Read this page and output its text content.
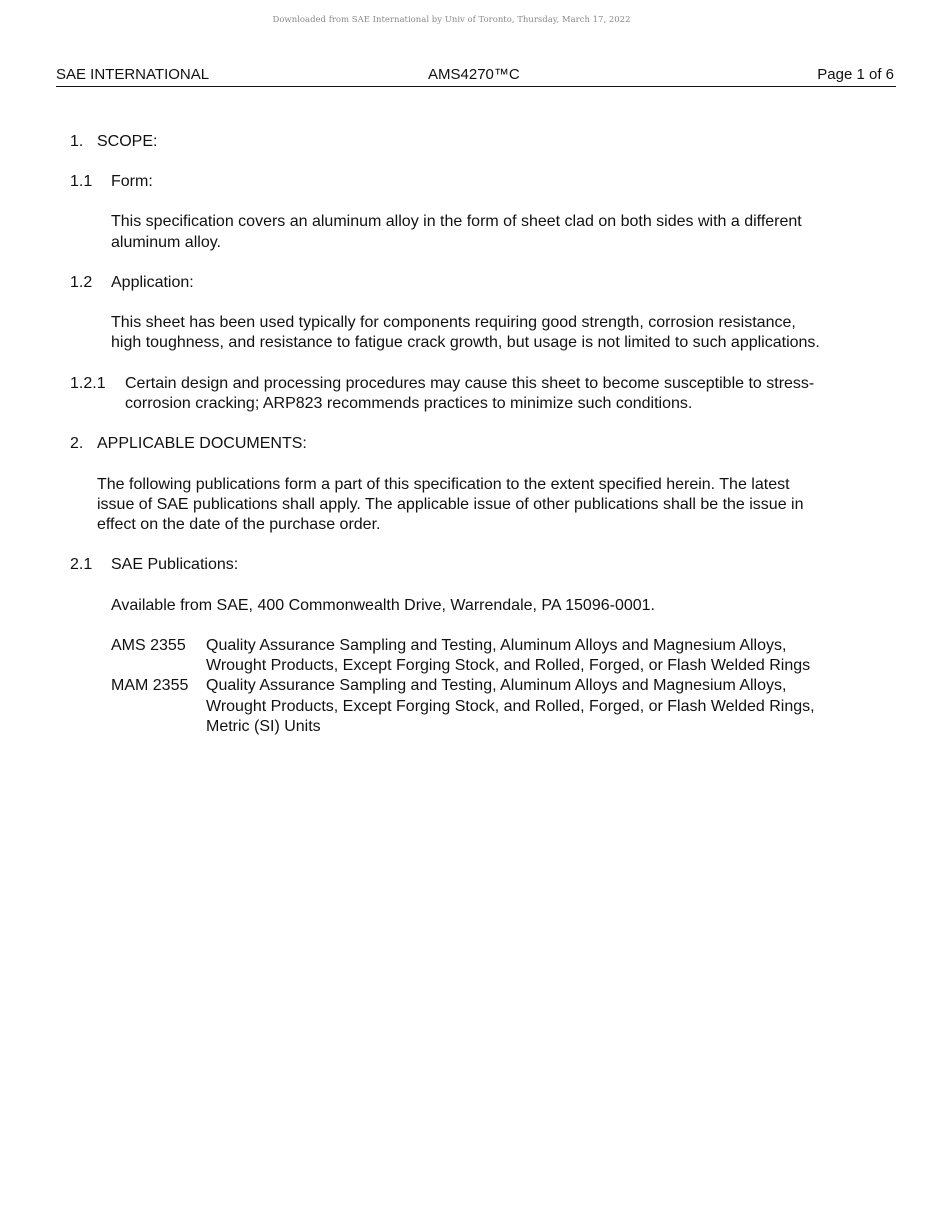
Downloaded from SAE International by Univ of Toronto, Thursday, March 17, 2022
SAE INTERNATIONAL	AMS4270™C	Page 1 of 6
1. SCOPE:
1.1 Form:
This specification covers an aluminum alloy in the form of sheet clad on both sides with a different
aluminum alloy.
1.2 Application:
This sheet has been used typically for components requiring good strength, corrosion resistance,
high toughness, and resistance to fatigue crack growth, but usage is not limited to such applications.
1.2.1 Certain design and processing procedures may cause this sheet to become susceptible to stress-
corrosion cracking; ARP823 recommends practices to minimize such conditions.
2. APPLICABLE DOCUMENTS:
The following publications form a part of this specification to the extent specified herein. The latest
issue of SAE publications shall apply. The applicable issue of other publications shall be the issue in
effect on the date of the purchase order.
2.1 SAE Publications:
Available from SAE, 400 Commonwealth Drive, Warrendale, PA 15096-0001.
AMS 2355 Quality Assurance Sampling and Testing, Aluminum Alloys and Magnesium Alloys,
Wrought Products, Except Forging Stock, and Rolled, Forged, or Flash Welded Rings
MAM 2355 Quality Assurance Sampling and Testing, Aluminum Alloys and Magnesium Alloys,
Wrought Products, Except Forging Stock, and Rolled, Forged, or Flash Welded Rings,
Metric (SI) Units
